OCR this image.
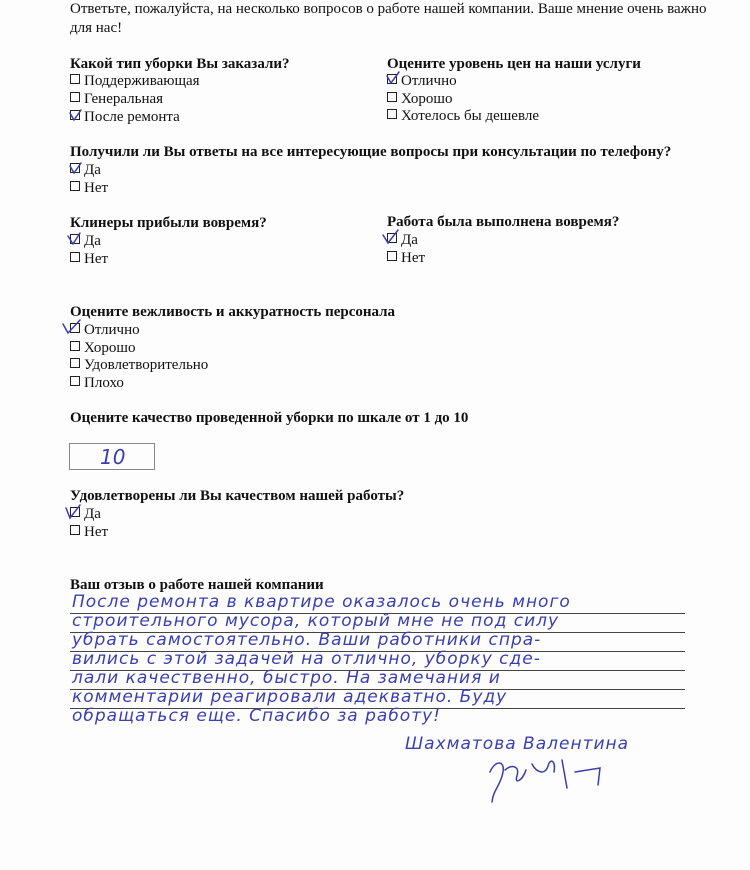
Ответьте, пожалуйста, на несколько вопросов о работе нашей компании. Ваше мнение очень важно для нас!
Какой тип уборки Вы заказали?
Поддерживающая
Генеральная
После ремонта
Оцените уровень цен на наши услуги
Отлично
Хорошо
Хотелось бы дешевле
Получили ли Вы ответы на все интересующие вопросы при консультации по телефону?
Да
Нет
Клинеры прибыли вовремя?
Да
Нет
Работа была выполнена вовремя?
Да
Нет
Оцените вежливость и аккуратность персонала
Отлично
Хорошо
Удовлетворительно
Плохо
Оцените качество проведенной уборки по шкале от 1 до 10
10
Удовлетворены ли Вы качеством нашей работы?
Да
Нет
Ваш отзыв о работе нашей компании
После ремонта в квартире оказалось очень много
строительного мусора, который мне не под силу
убрать самостоятельно. Ваши работники спра-
вились с этой задачей на отлично, уборку сде-
лали качественно, быстро. На замечания и
комментарии реагировали адекватно. Буду
обращаться еще. Спасибо за работу!
Шахматова Валентина
